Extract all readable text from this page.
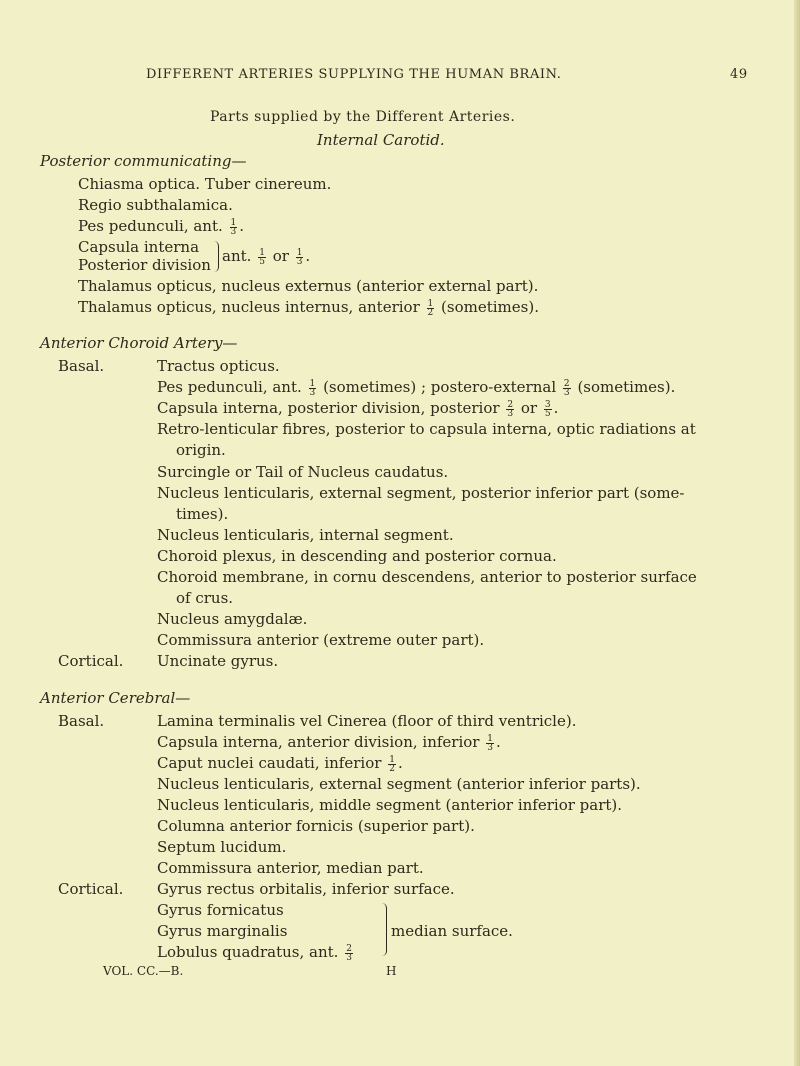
DIFFERENT ARTERIES SUPPLYING THE HUMAN BRAIN.	49
Parts supplied by the Different Arteries.
Internal Carotid.
Posterior communicating—
Chiasma optica. Tuber cinereum.
Regio subthalamica.
Pes pedunculi, ant. $\frac{1}{3}$ .
Capsula interna
Posterior division ant. $\frac{1}{5}$ or $\frac{1}{3}$ .
Thalamus opticus, nucleus externus (anterior external part).
Thalamus opticus, nucleus internus, anterior $\frac{1}{2}$ (sometimes).
Anterior Choroid Artery—
Basal.	Tractus opticus.
Pes pedunculi, ant. $\frac{1}{3}$ (sometimes) ; postero-external $\frac{2}{3}$ (sometimes).
Capsula interna, posterior division, posterior $\frac{2}{3}$ or $\frac{3}{5}$ .
Retro-lenticular fibres, posterior to capsula interna, optic radiations at
origin.
Surcingle or Tail of Nucleus caudatus.
Nucleus lenticularis, external segment, posterior inferior part (some-
times).
Nucleus lenticularis, internal segment.
Choroid plexus, in descending and posterior cornua.
Choroid membrane, in cornu descendens, anterior to posterior surface
of crus.
Nucleus amygdalæ.
Commissura anterior (extreme outer part).
Cortical. Uncinate gyrus.
Anterior Cerebral—
Basal.	Lamina terminalis vel Cinerea (floor of third ventricle).
Capsula interna, anterior division, inferior $\frac{1}{3}$ .
Caput nuclei caudati, inferior $\frac{1}{2}$ .
Nucleus lenticularis, external segment (anterior inferior parts).
Nucleus lenticularis, middle segment (anterior inferior part).
Columna anterior fornicis (superior part).
Septum lucidum.
Commissura anterior, median part.
Cortical. Gyrus rectus orbitalis, inferior surface.
Gyrus fornicatus
Gyrus marginalis
Lobulus quadratus, ant. $\frac{2}{3}$
median surface.
VOL. CC.—B.	H
